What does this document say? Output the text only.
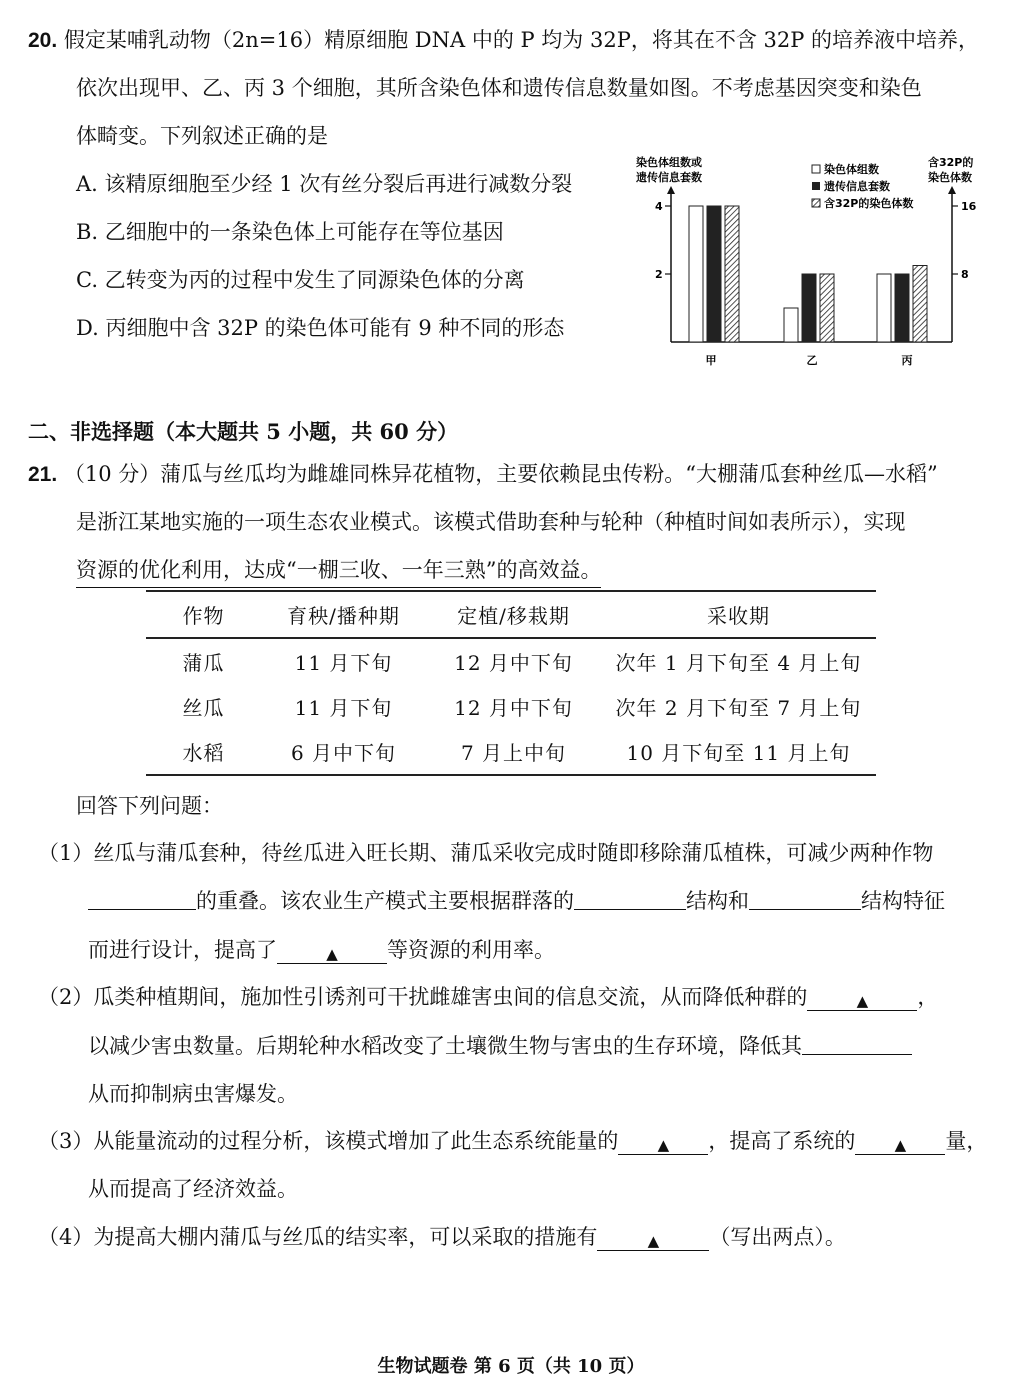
20. 假定某哺乳动物（2n=16）精原细胞 DNA 中的 P 均为 32P，将其在不含 32P 的培养液中培养，
依次出现甲、乙、丙 3 个细胞，其所含染色体和遗传信息数量如图。不考虑基因突变和染色
体畸变。下列叙述正确的是
A. 该精原细胞至少经 1 次有丝分裂后再进行减数分裂
B. 乙细胞中的一条染色体上可能存在等位基因
C. 乙转变为丙的过程中发生了同源染色体的分离
D. 丙细胞中含 32P 的染色体可能有 9 种不同的形态
染色体组数或
遗传信息套数
含32P的
染色体数
染色体组数
遗传信息套数
含32P的染色体数
4
2
16
8
甲	乙	丙
二、非选择题（本大题共 5 小题，共 60 分）
21. （10 分）蒲瓜与丝瓜均为雌雄同株异花植物，主要依赖昆虫传粉。“大棚蒲瓜套种丝瓜—水稻”
是浙江某地实施的一项生态农业模式。该模式借助套种与轮种（种植时间如表所示），实现
资源的优化利用，达成“一棚三收、一年三熟”的高效益。
作物	育秧/播种期	定植/移栽期	采收期
蒲瓜	11 月下旬	12 月中下旬	次年 1 月下旬至 4 月上旬
丝瓜	11 月下旬	12 月中下旬	次年 2 月下旬至 7 月上旬
水稻	6 月中下旬	7 月上中旬	10 月下旬至 11 月上旬
回答下列问题：
（1）丝瓜与蒲瓜套种，待丝瓜进入旺长期、蒲瓜采收完成时随即移除蒲瓜植株，可减少两种作物
的重叠。该农业生产模式主要根据群落的	结构和	结构特征
而进行设计，提高了	▲ 等资源的利用率。
（2）瓜类种植期间，施加性引诱剂可干扰雌雄害虫间的信息交流，从而降低种群的	▲ ，
以减少害虫数量。后期轮种水稻改变了土壤微生物与害虫的生存环境，降低其
从而抑制病虫害爆发。
（3）从能量流动的过程分析，该模式增加了此生态系统能量的	▲ ，提高了系统的	▲ 量，
从而提高了经济效益。
（4）为提高大棚内蒲瓜与丝瓜的结实率，可以采取的措施有	▲ （写出两点）。
生物试题卷 第 6 页（共 10 页）
